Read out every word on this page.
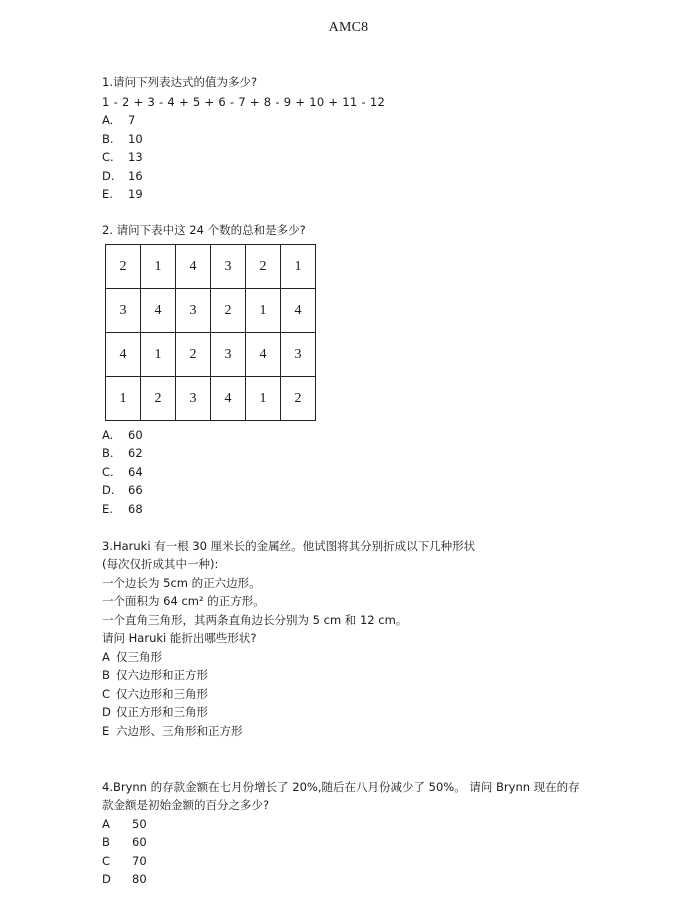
AMC8
1.请问下列表达式的值为多少?
1 - 2 + 3 - 4 + 5 + 6 - 7 + 8 - 9 + 10 + 11 - 12
A. 7
B. 10
C. 13
D. 16
E. 19
2. 请问下表中这 24 个数的总和是多少?
2	1	4	3	2	1
3	4	3	2	1	4
4	1	2	3	4	3
1	2	3	4	1	2
A. 60
B. 62
C. 64
D. 66
E. 68
3.Haruki 有一根 30 厘米长的金属丝。他试图将其分别折成以下几种形状
(每次仅折成其中一种):
一个边长为 5cm 的正六边形。
一个面积为 64 cm² 的正方形。
一个直角三角形，其两条直角边长分别为 5 cm 和 12 cm。
请问 Haruki 能折出哪些形状?
A 仅三角形
B 仅六边形和正方形
C 仅六边形和三角形
D 仅正方形和三角形
E 六边形、三角形和正方形
4.Brynn 的存款金额在七月份增长了 20%,随后在八月份减少了 50%。 请问 Brynn 现在的存
款金额是初始金额的百分之多少?
A 50
B 60
C 70
D 80
